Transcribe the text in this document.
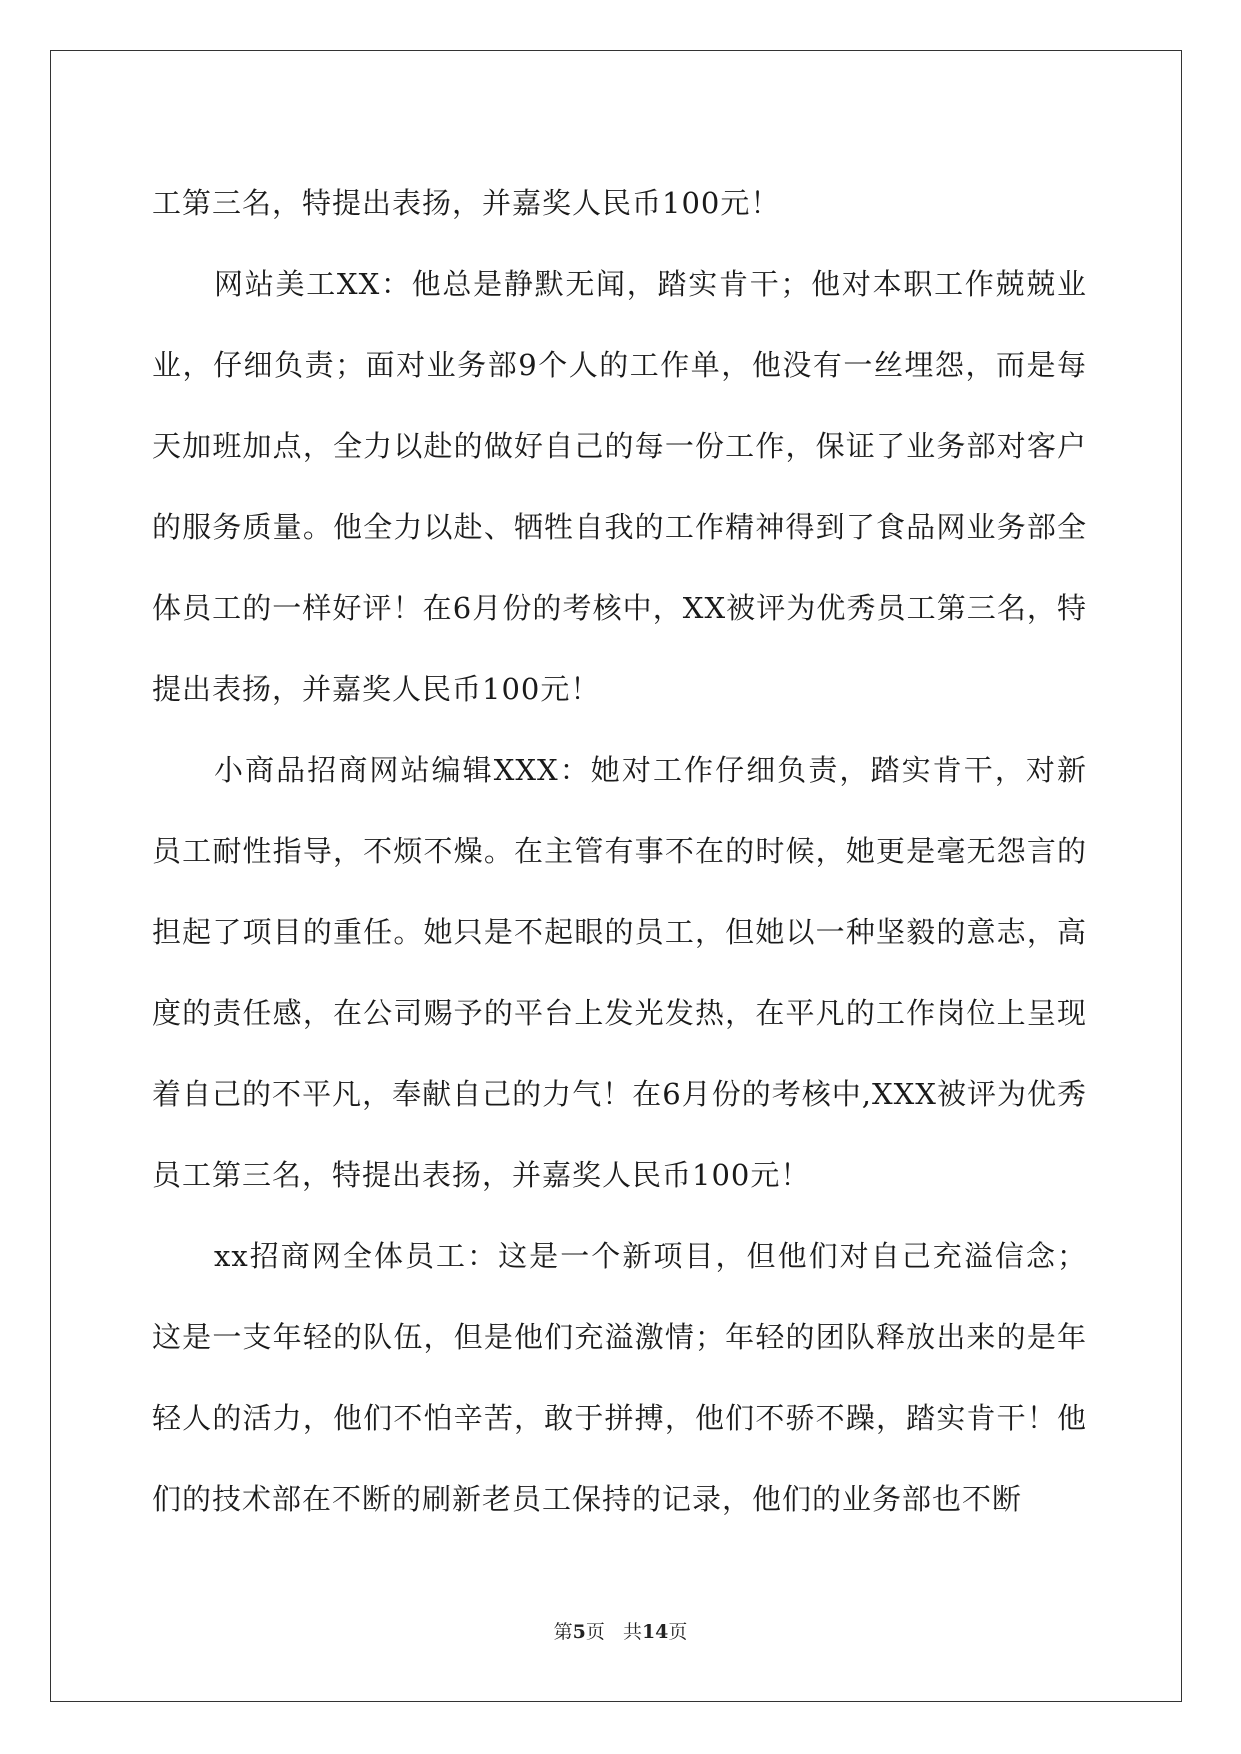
工第三名，特提出表扬，并嘉奖人民币100元！

网站美工XX：他总是静默无闻，踏实肯干；他对本职工作兢兢业业，仔细负责；面对业务部9个人的工作单，他没有一丝埋怨，而是每天加班加点，全力以赴的做好自己的每一份工作，保证了业务部对客户的服务质量。他全力以赴、牺牲自我的工作精神得到了食品网业务部全体员工的一样好评！在6月份的考核中，XX被评为优秀员工第三名，特提出表扬，并嘉奖人民币100元！

小商品招商网站编辑XXX：她对工作仔细负责，踏实肯干，对新员工耐性指导，不烦不燥。在主管有事不在的时候，她更是毫无怨言的担起了项目的重任。她只是不起眼的员工，但她以一种坚毅的意志，高度的责任感，在公司赐予的平台上发光发热，在平凡的工作岗位上呈现着自己的不平凡，奉献自己的力气！在6月份的考核中,XXX被评为优秀员工第三名，特提出表扬，并嘉奖人民币100元！

xx招商网全体员工：这是一个新项目，但他们对自己充溢信念；这是一支年轻的队伍，但是他们充溢激情；年轻的团队释放出来的是年轻人的活力，他们不怕辛苦，敢于拼搏，他们不骄不躁，踏实肯干！他们的技术部在不断的刷新老员工保持的记录，他们的业务部也不断

第5页   共14页
